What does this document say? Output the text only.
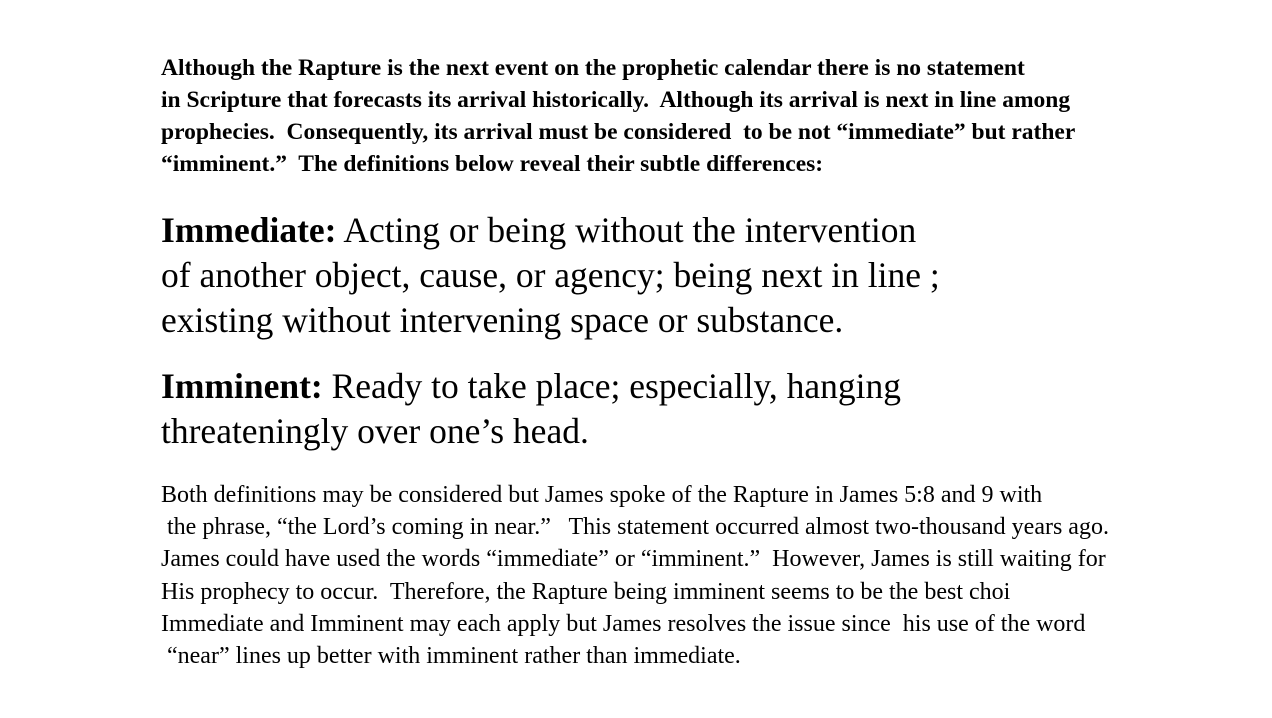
Although the Rapture is the next event on the prophetic calendar there is no statement
in Scripture that forecasts its arrival historically.  Although its arrival is next in line among
prophecies.  Consequently, its arrival must be considered  to be not “immediate” but rather
“imminent.”  The definitions below reveal their subtle differences:
Immediate: Acting or being without the intervention
of another object, cause, or agency; being next in line ;
existing without intervening space or substance.
Imminent: Ready to take place; especially, hanging
threateningly over one’s head.
Both definitions may be considered but James spoke of the Rapture in James 5:8 and 9 with
the phrase, “the Lord’s coming in near.”   This statement occurred almost two-thousand years ago.
James could have used the words “immediate” or “imminent.”  However, James is still waiting for
His prophecy to occur.  Therefore, the Rapture being imminent seems to be the best choi
Immediate and Imminent may each apply but James resolves the issue since  his use of the word
“near” lines up better with imminent rather than immediate.
